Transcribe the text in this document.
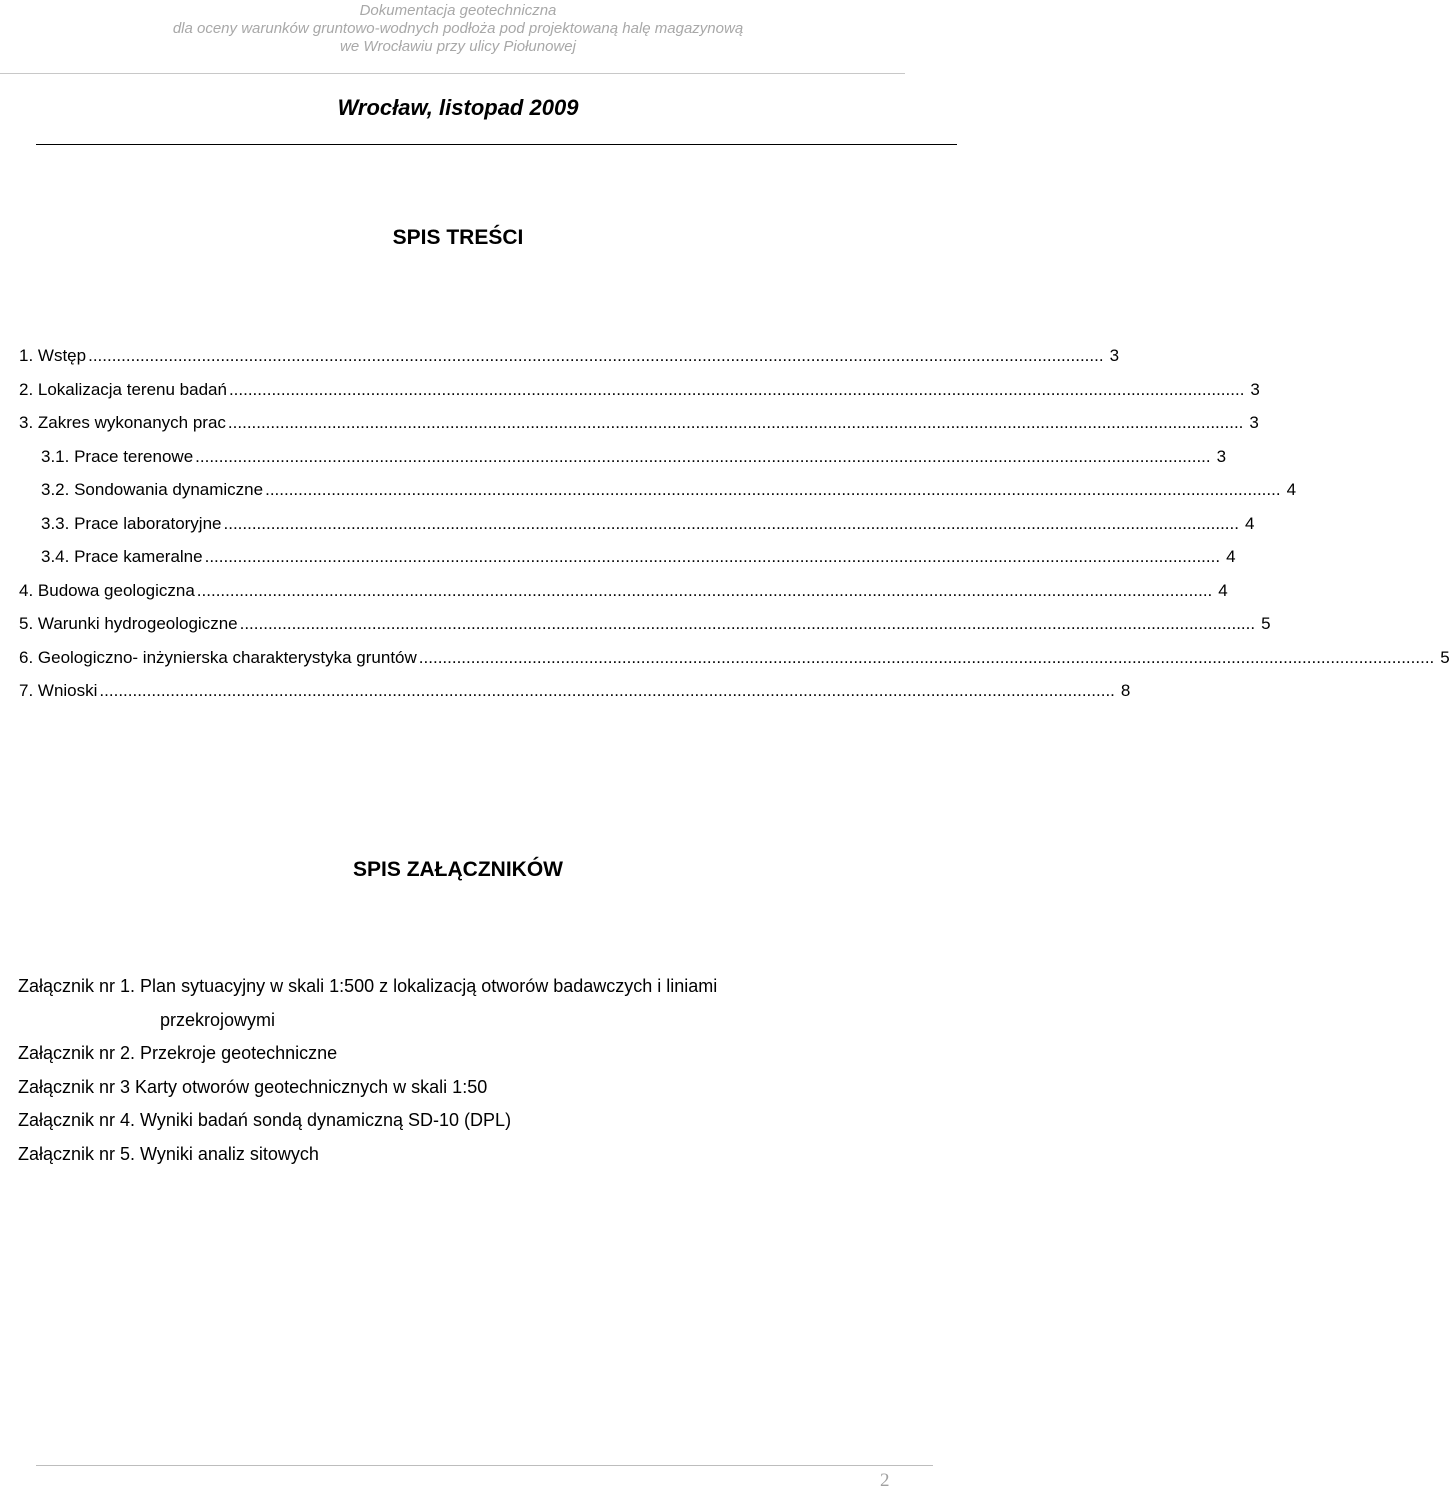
Dokumentacja geotechniczna
dla oceny warunków gruntowo-wodnych podłoża pod projektowaną halę magazynową
we Wrocławiu przy ulicy Piołunowej
Wrocław, listopad 2009
SPIS TREŚCI
1. Wstęp ....................................................................................................................................................................................................................... 3
2. Lokalizacja terenu badań ....................................................................................................................................................................................................................... 3
3. Zakres wykonanych prac ....................................................................................................................................................................................................................... 3
3.1. Prace terenowe ....................................................................................................................................................................................................................... 3
3.2. Sondowania dynamiczne ....................................................................................................................................................................................................................... 4
3.3. Prace laboratoryjne ....................................................................................................................................................................................................................... 4
3.4. Prace kameralne ....................................................................................................................................................................................................................... 4
4. Budowa geologiczna ....................................................................................................................................................................................................................... 4
5. Warunki hydrogeologiczne ....................................................................................................................................................................................................................... 5
6. Geologiczno- inżynierska charakterystyka gruntów ....................................................................................................................................................................................................................... 5
7. Wnioski ....................................................................................................................................................................................................................... 8
SPIS ZAŁĄCZNIKÓW
Załącznik nr 1. Plan sytuacyjny w skali 1:500 z lokalizacją otworów badawczych i liniami
przekrojowymi
Załącznik nr 2. Przekroje geotechniczne
Załącznik nr 3 Karty otworów geotechnicznych w skali 1:50
Załącznik nr 4. Wyniki badań sondą dynamiczną SD-10 (DPL)
Załącznik nr 5. Wyniki analiz sitowych
2
